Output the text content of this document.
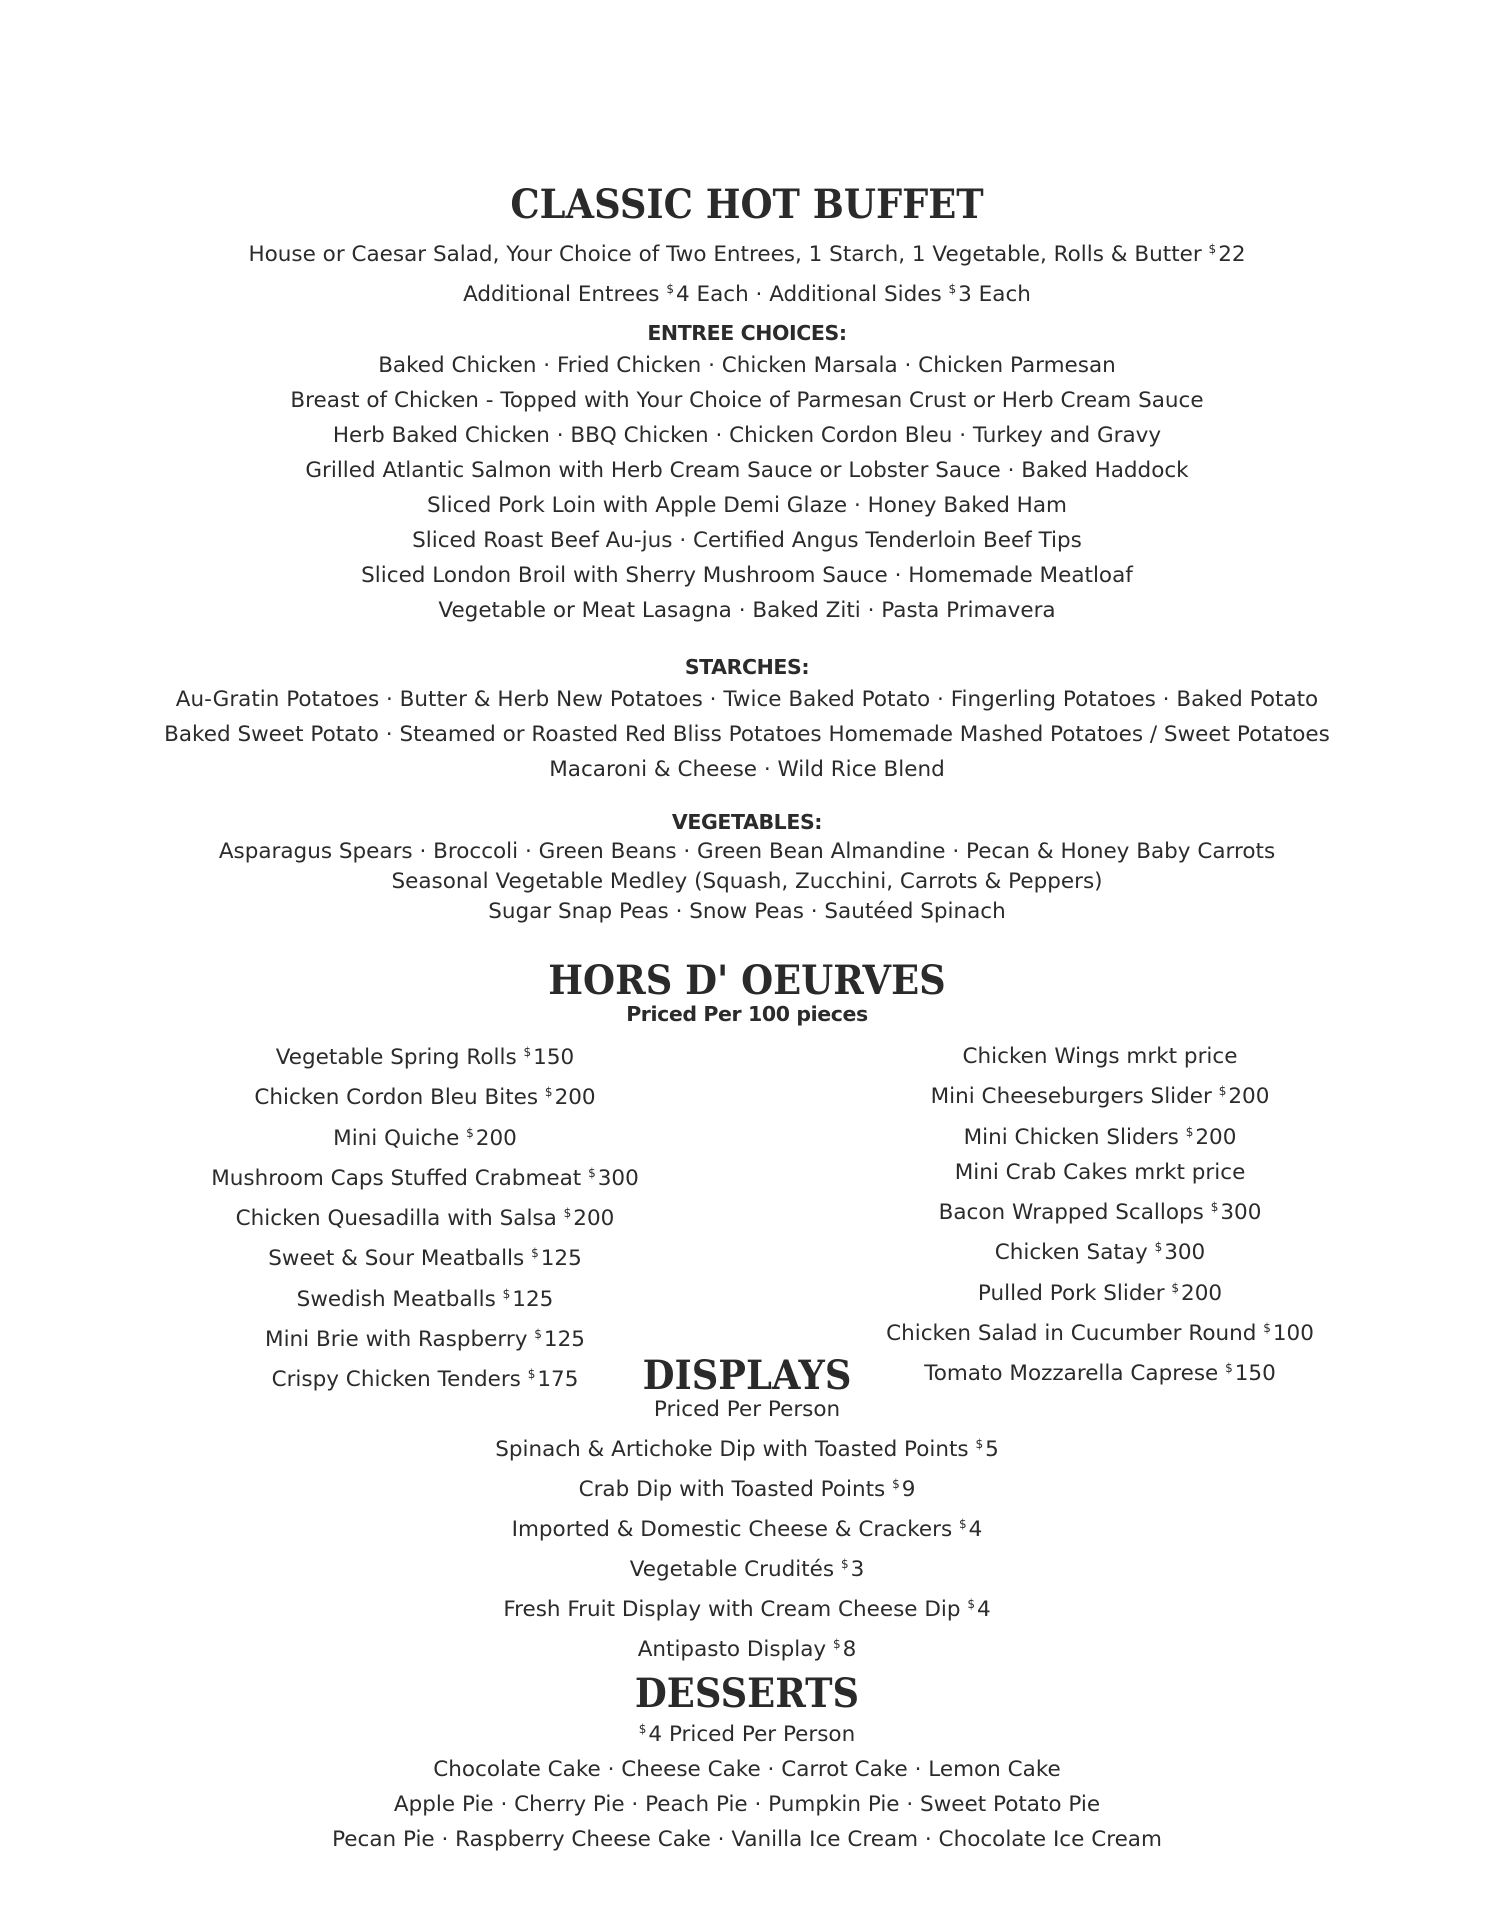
CLASSIC HOT BUFFET

House or Caesar Salad, Your Choice of Two Entrees, 1 Starch, 1 Vegetable, Rolls & Butter $22

Additional Entrees $4 Each · Additional Sides $3 Each

ENTREE CHOICES:

Baked Chicken · Fried Chicken · Chicken Marsala · Chicken Parmesan

Breast of Chicken - Topped with Your Choice of Parmesan Crust or Herb Cream Sauce

Herb Baked Chicken · BBQ Chicken · Chicken Cordon Bleu · Turkey and Gravy

Grilled Atlantic Salmon with Herb Cream Sauce or Lobster Sauce · Baked Haddock

Sliced Pork Loin with Apple Demi Glaze · Honey Baked Ham

Sliced Roast Beef Au-jus · Certified Angus Tenderloin Beef Tips

Sliced London Broil with Sherry Mushroom Sauce · Homemade Meatloaf

Vegetable or Meat Lasagna · Baked Ziti · Pasta Primavera

STARCHES:

Au-Gratin Potatoes · Butter & Herb New Potatoes · Twice Baked Potato · Fingerling Potatoes · Baked Potato

Baked Sweet Potato · Steamed or Roasted Red Bliss Potatoes Homemade Mashed Potatoes / Sweet Potatoes

Macaroni & Cheese · Wild Rice Blend

VEGETABLES:

Asparagus Spears · Broccoli · Green Beans · Green Bean Almandine · Pecan & Honey Baby Carrots

Seasonal Vegetable Medley (Squash, Zucchini, Carrots & Peppers)

Sugar Snap Peas · Snow Peas · Sautéed Spinach

HORS D' OEURVES

Priced Per 100 pieces

Vegetable Spring Rolls $150

Chicken Cordon Bleu Bites $200

Mini Quiche $200

Mushroom Caps Stuffed Crabmeat $300

Chicken Quesadilla with Salsa $200

Sweet & Sour Meatballs $125

Swedish Meatballs $125

Mini Brie with Raspberry $125

Crispy Chicken Tenders $175

Chicken Wings mrkt price

Mini Cheeseburgers Slider $200

Mini Chicken Sliders $200

Mini Crab Cakes mrkt price

Bacon Wrapped Scallops $300

Chicken Satay $300

Pulled Pork Slider $200

Chicken Salad in Cucumber Round $100

Tomato Mozzarella Caprese $150

DISPLAYS

Priced Per Person

Spinach & Artichoke Dip with Toasted Points $5

Crab Dip with Toasted Points $9

Imported & Domestic Cheese & Crackers $4

Vegetable Crudités $3

Fresh Fruit Display with Cream Cheese Dip $4

Antipasto Display $8

DESSERTS

$4 Priced Per Person

Chocolate Cake · Cheese Cake · Carrot Cake · Lemon Cake

Apple Pie · Cherry Pie · Peach Pie · Pumpkin Pie · Sweet Potato Pie

Pecan Pie · Raspberry Cheese Cake · Vanilla Ice Cream · Chocolate Ice Cream
